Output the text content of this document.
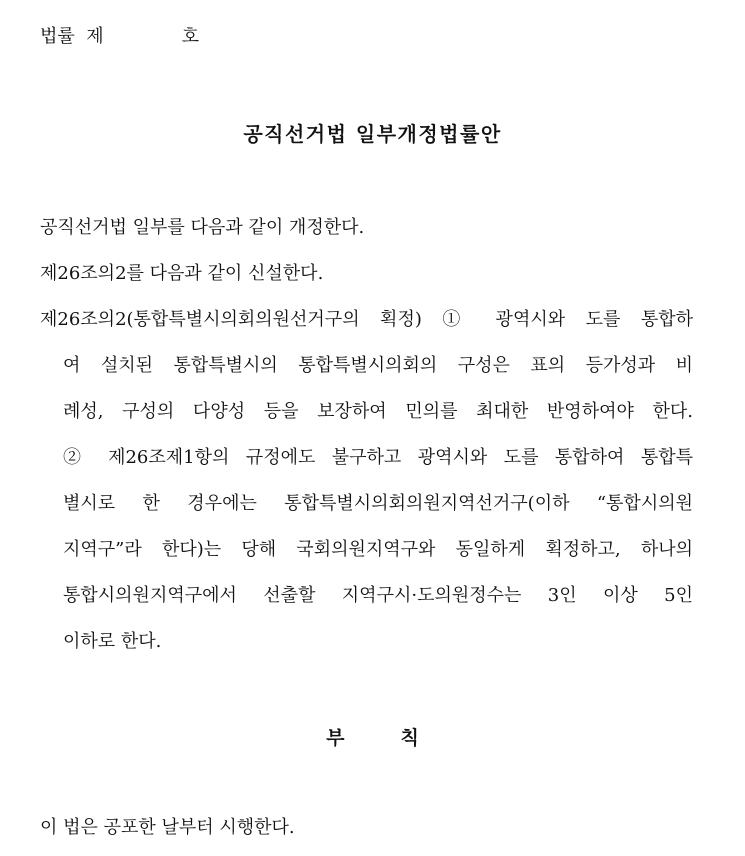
법률  제	호
공직선거법 일부개정법률안
공직선거법 일부를 다음과 같이 개정한다.
제26조의2를 다음과 같이 신설한다.
제26조의2(통합특별시의회의원선거구의 획정) ① 광역시와 도를 통합하
여 설치된 통합특별시의 통합특별시의회의 구성은 표의 등가성과 비
례성, 구성의 다양성 등을 보장하여 민의를 최대한 반영하여야 한다.
② 제26조제1항의 규정에도 불구하고 광역시와 도를 통합하여 통합특
별시로 한 경우에는 통합특별시의회의원지역선거구(이하 “통합시의원
지역구”라 한다)는 당해 국회의원지역구와 동일하게 획정하고, 하나의
통합시의원지역구에서 선출할 지역구시·도의원정수는 3인 이상 5인
이하로 한다.
부	칙
이 법은 공포한 날부터 시행한다.
